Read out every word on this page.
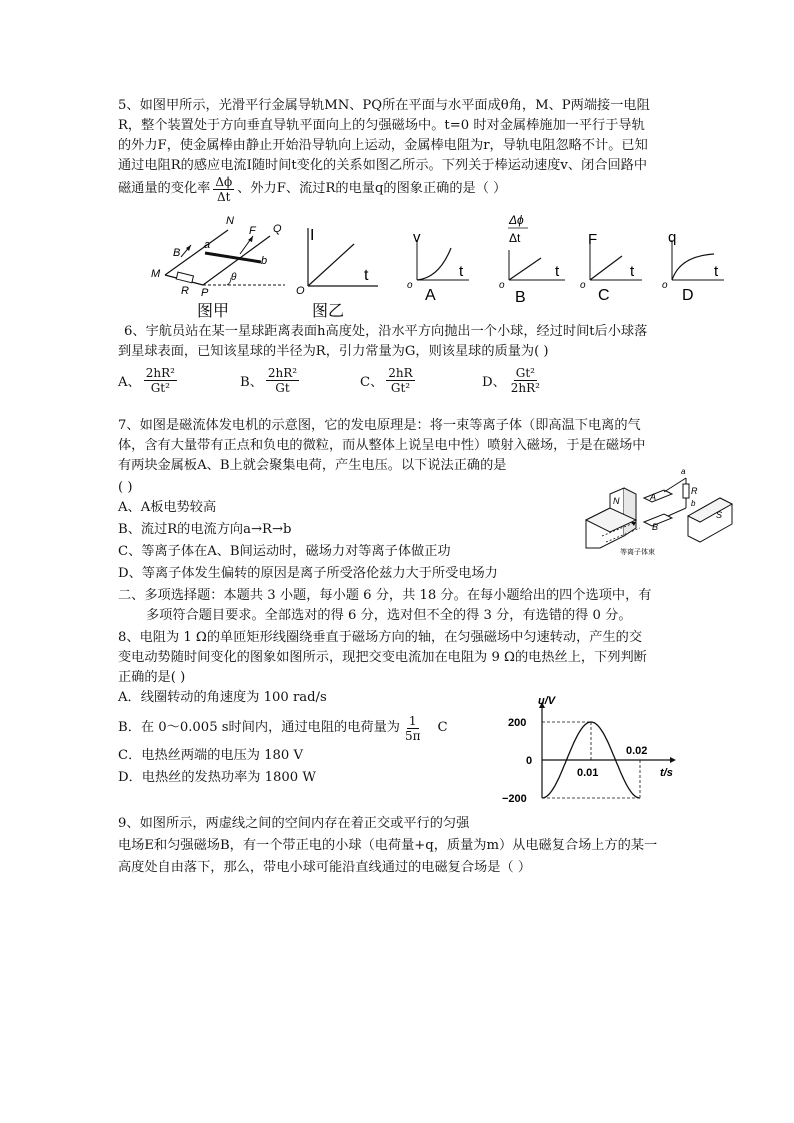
5、如图甲所示，光滑平行金属导轨MN、PQ所在平面与水平面成θ角，M、P两端接一电阻
R，整个装置处于方向垂直导轨平面向上的匀强磁场中。t=0 时对金属棒施加一平行于导轨
的外力F，使金属棒由静止开始沿导轨向上运动，金属棒电阻为r，导轨电阻忽略不计。已知
通过电阻R的感应电流I随时间t变化的关系如图乙所示。下列关于棒运动速度v、闭合回路中
磁通量的变化率 $\frac{\Delta\phi}{\Delta t}$ 、外力F、流过R的电量q的图象正确的是（ ）
N
F Q
a
B
b
M
R P
θ
图甲
I
t
O
图乙
v
t
o
A
Δϕ
Δt
t
o
B
F
t
o
C
q
t
o
D
6、宇航员站在某一星球距离表面h高度处，沿水平方向抛出一个小球，经过时间t后小球落
到星球表面，已知该星球的半径为R，引力常量为G，则该星球的质量为( )
A、 $\frac{\text{2hR²}}{\text{Gt²}}$	B、 $\frac{\text{2hR²}}{Gt}$	C、 $\frac{2hR}{\text{Gt²}}$	D、 $\frac{\text{Gt²}}{\text{2hR²}}$
7、如图是磁流体发电机的示意图，它的发电原理是：将一束等离子体（即高温下电离的气
体，含有大量带有正点和负电的微粒，而从整体上说呈电中性）喷射入磁场，于是在磁场中
有两块金属板A、B上就会聚集电荷，产生电压。以下说法正确的是
( )
A、A板电势较高
B、流过R的电流方向a→R→b
C、等离子体在A、B间运动时，磁场力对等离子体做正功
D、等离子体发生偏转的原因是离子所受洛伦兹力大于所受电场力
N	A
B
a
R
b
S
等离子体束
二、多项选择题：本题共 3 小题，每小题 6 分，共 18 分。在每小题给出的四个选项中，有
多项符合题目要求。全部选对的得 6 分，选对但不全的得 3 分，有选错的得 0 分。
8、电阻为 1 Ω的单匝矩形线圈绕垂直于磁场方向的轴，在匀强磁场中匀速转动，产生的交
变电动势随时间变化的图象如图所示，现把交变电流加在电阻为 9 Ω的电热丝上，下列判断
正确的是( )
A．线圈转动的角速度为 100 rad/s
B．在 0～0.005 s时间内，通过电阻的电荷量为 $\frac{1}{5\pi}$ C
C．电热丝两端的电压为 180 V
D．电热丝的发热功率为 1800 W
u/V
t/s
200
0
−200
0.01
0.02
9、如图所示，两虚线之间的空间内存在着正交或平行的匀强
电场E和匀强磁场B，有一个带正电的小球（电荷量+q，质量为m）从电磁复合场上方的某一
高度处自由落下，那么，带电小球可能沿直线通过的电磁复合场是（ ）
